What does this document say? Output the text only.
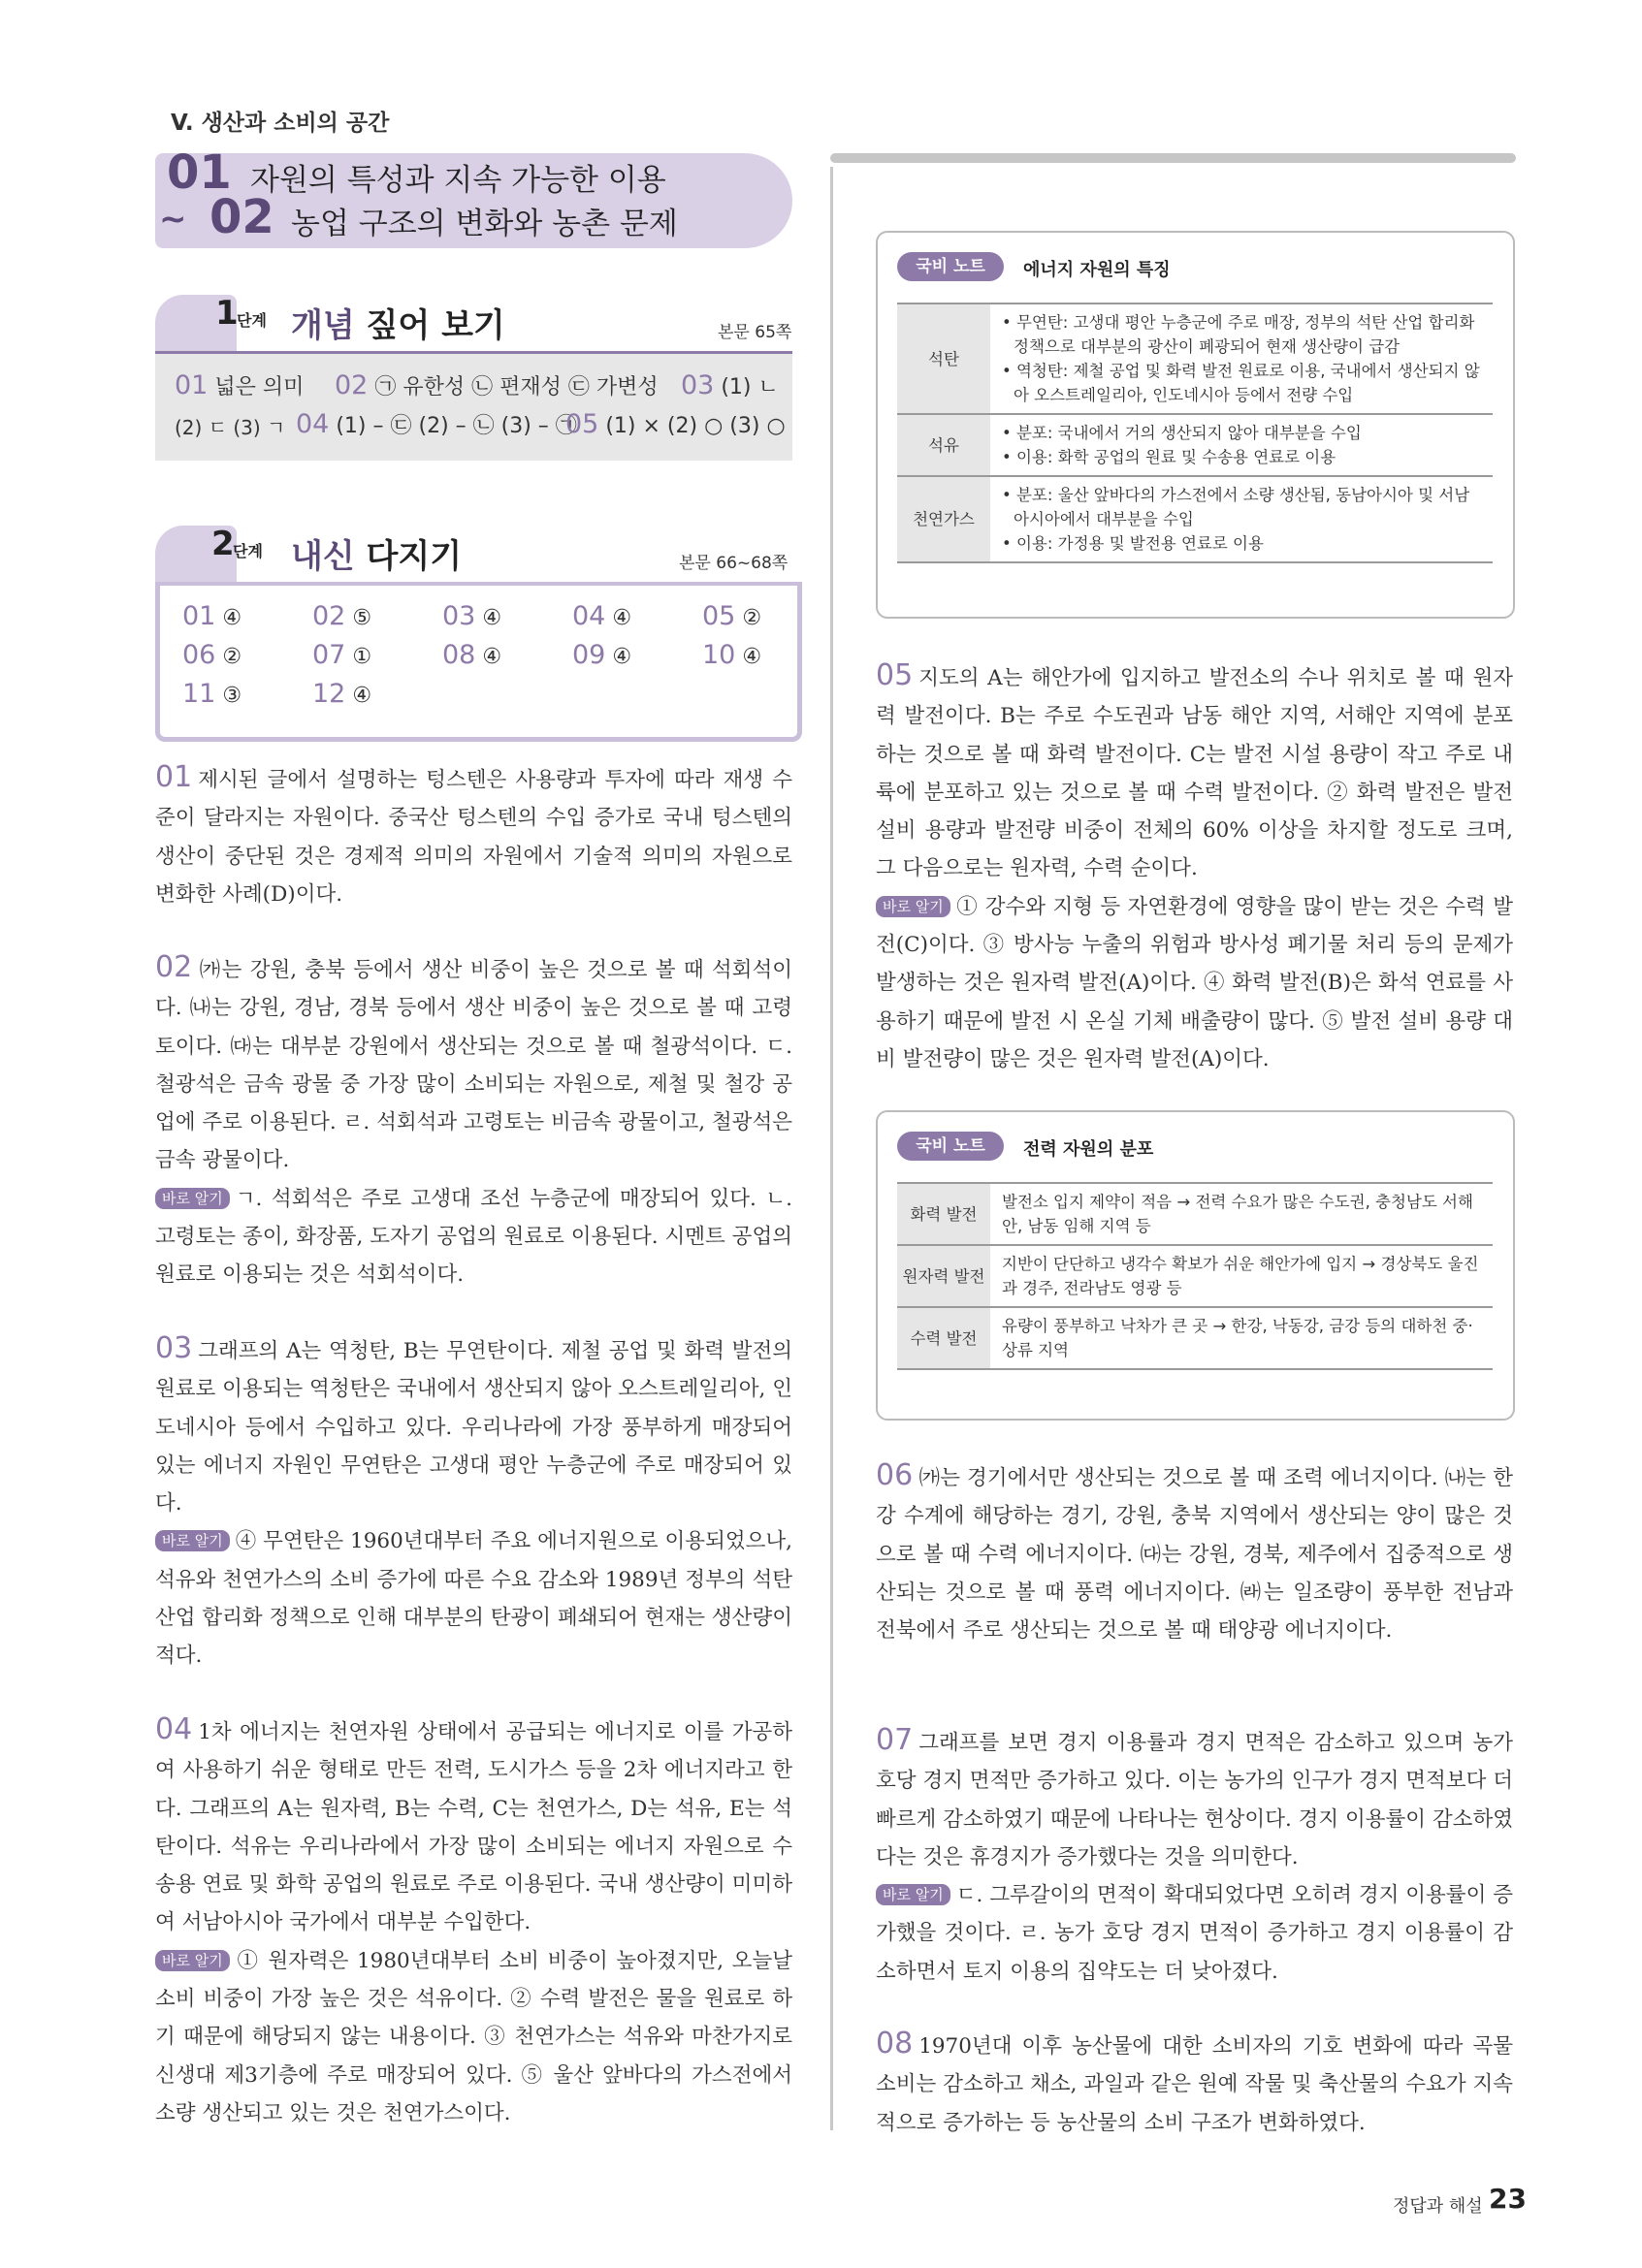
V. 생산과 소비의 공간
01
~ 02
자원의 특성과 지속 가능한 이용
농업 구조의 변화와 농촌 문제
1
단계 개념 짚어 보기	본문 65쪽
01 넓은 의미 02 ㉠ 유한성 ㉡ 편재성 ㉢ 가변성 03 (1) ㄴ
(2) ㄷ (3) ㄱ 04 (1) – ㉢ (2) – ㉡ (3) – ㉠
05 (1) × (2) ○ (3) ○
2
단계 내신 다지기	본문 66~68쪽
01 ④	02 ⑤	03 ④	04 ④	05 ②
06 ②	07 ①	08 ④	09 ④	10 ④
11 ③	12 ④
01 제시된 글에서 설명하는 텅스텐은 사용량과 투자에 따라 재생 수준이 달라지는 자원이다. 중국산 텅스텐의 수입 증가로 국내 텅스텐의 생산이 중단된 것은 경제적 의미의 자원에서 기술적 의미의 자원으로 변화한 사례(D)이다.
02 ㈎는 강원, 충북 등에서 생산 비중이 높은 것으로 볼 때 석회석이다. ㈏는 강원, 경남, 경북 등에서 생산 비중이 높은 것으로 볼 때 고령토이다. ㈐는 대부분 강원에서 생산되는 것으로 볼 때 철광석이다. ㄷ. 철광석은 금속 광물 중 가장 많이 소비되는 자원으로, 제철 및 철강 공업에 주로 이용된다. ㄹ. 석회석과 고령토는 비금속 광물이고, 철광석은 금속 광물이다.
바로 알기 ㄱ. 석회석은 주로 고생대 조선 누층군에 매장되어 있다. ㄴ. 고령토는 종이, 화장품, 도자기 공업의 원료로 이용된다. 시멘트 공업의 원료로 이용되는 것은 석회석이다.
03 그래프의 A는 역청탄, B는 무연탄이다. 제철 공업 및 화력 발전의 원료로 이용되는 역청탄은 국내에서 생산되지 않아 오스트레일리아, 인도네시아 등에서 수입하고 있다. 우리나라에 가장 풍부하게 매장되어 있는 에너지 자원인 무연탄은 고생대 평안 누층군에 주로 매장되어 있다.
바로 알기 ④ 무연탄은 1960년대부터 주요 에너지원으로 이용되었으나, 석유와 천연가스의 소비 증가에 따른 수요 감소와 1989년 정부의 석탄 산업 합리화 정책으로 인해 대부분의 탄광이 폐쇄되어 현재는 생산량이 적다.
04 1차 에너지는 천연자원 상태에서 공급되는 에너지로 이를 가공하여 사용하기 쉬운 형태로 만든 전력, 도시가스 등을 2차 에너지라고 한다. 그래프의 A는 원자력, B는 수력, C는 천연가스, D는 석유, E는 석탄이다. 석유는 우리나라에서 가장 많이 소비되는 에너지 자원으로 수송용 연료 및 화학 공업의 원료로 주로 이용된다. 국내 생산량이 미미하여 서남아시아 국가에서 대부분 수입한다.
바로 알기 ① 원자력은 1980년대부터 소비 비중이 높아졌지만, 오늘날 소비 비중이 가장 높은 것은 석유이다. ② 수력 발전은 물을 원료로 하기 때문에 해당되지 않는 내용이다. ③ 천연가스는 석유와 마찬가지로 신생대 제3기층에 주로 매장되어 있다. ⑤ 울산 앞바다의 가스전에서 소량 생산되고 있는 것은 천연가스이다.
국비 노트	에너지 자원의 특징
석탄	• 무연탄: 고생대 평안 누층군에 주로 매장, 정부의 석탄 산업 합리화 정책으로 대부분의 광산이 폐광되어 현재 생산량이 급감
• 역청탄: 제철 공업 및 화력 발전 원료로 이용, 국내에서 생산되지 않아 오스트레일리아, 인도네시아 등에서 전량 수입

석유	• 분포: 국내에서 거의 생산되지 않아 대부분을 수입
• 이용: 화학 공업의 원료 및 수송용 연료로 이용

천연가스	• 분포: 울산 앞바다의 가스전에서 소량 생산됨, 동남아시아 및 서남아시아에서 대부분을 수입
• 이용: 가정용 및 발전용 연료로 이용
05 지도의 A는 해안가에 입지하고 발전소의 수나 위치로 볼 때 원자력 발전이다. B는 주로 수도권과 남동 해안 지역, 서해안 지역에 분포하는 것으로 볼 때 화력 발전이다. C는 발전 시설 용량이 작고 주로 내륙에 분포하고 있는 것으로 볼 때 수력 발전이다. ② 화력 발전은 발전 설비 용량과 발전량 비중이 전체의 60% 이상을 차지할 정도로 크며, 그 다음으로는 원자력, 수력 순이다.
바로 알기 ① 강수와 지형 등 자연환경에 영향을 많이 받는 것은 수력 발전(C)이다. ③ 방사능 누출의 위험과 방사성 폐기물 처리 등의 문제가 발생하는 것은 원자력 발전(A)이다. ④ 화력 발전(B)은 화석 연료를 사용하기 때문에 발전 시 온실 기체 배출량이 많다. ⑤ 발전 설비 용량 대비 발전량이 많은 것은 원자력 발전(A)이다.
국비 노트	전력 자원의 분포
화력 발전	발전소 입지 제약이 적음 → 전력 수요가 많은 수도권, 충청남도 서해안, 남동 임해 지역 등
원자력 발전	지반이 단단하고 냉각수 확보가 쉬운 해안가에 입지 → 경상북도 울진과 경주, 전라남도 영광 등
수력 발전	유량이 풍부하고 낙차가 큰 곳 → 한강, 낙동강, 금강 등의 대하천 중·상류 지역
06 ㈎는 경기에서만 생산되는 것으로 볼 때 조력 에너지이다. ㈏는 한강 수계에 해당하는 경기, 강원, 충북 지역에서 생산되는 양이 많은 것으로 볼 때 수력 에너지이다. ㈐는 강원, 경북, 제주에서 집중적으로 생산되는 것으로 볼 때 풍력 에너지이다. ㈑는 일조량이 풍부한 전남과 전북에서 주로 생산되는 것으로 볼 때 태양광 에너지이다.
07 그래프를 보면 경지 이용률과 경지 면적은 감소하고 있으며 농가 호당 경지 면적만 증가하고 있다. 이는 농가의 인구가 경지 면적보다 더 빠르게 감소하였기 때문에 나타나는 현상이다. 경지 이용률이 감소하였다는 것은 휴경지가 증가했다는 것을 의미한다.
바로 알기 ㄷ. 그루갈이의 면적이 확대되었다면 오히려 경지 이용률이 증가했을 것이다. ㄹ. 농가 호당 경지 면적이 증가하고 경지 이용률이 감소하면서 토지 이용의 집약도는 더 낮아졌다.
08 1970년대 이후 농산물에 대한 소비자의 기호 변화에 따라 곡물 소비는 감소하고 채소, 과일과 같은 원예 작물 및 축산물의 수요가 지속적으로 증가하는 등 농산물의 소비 구조가 변화하였다.
정답과 해설 23
